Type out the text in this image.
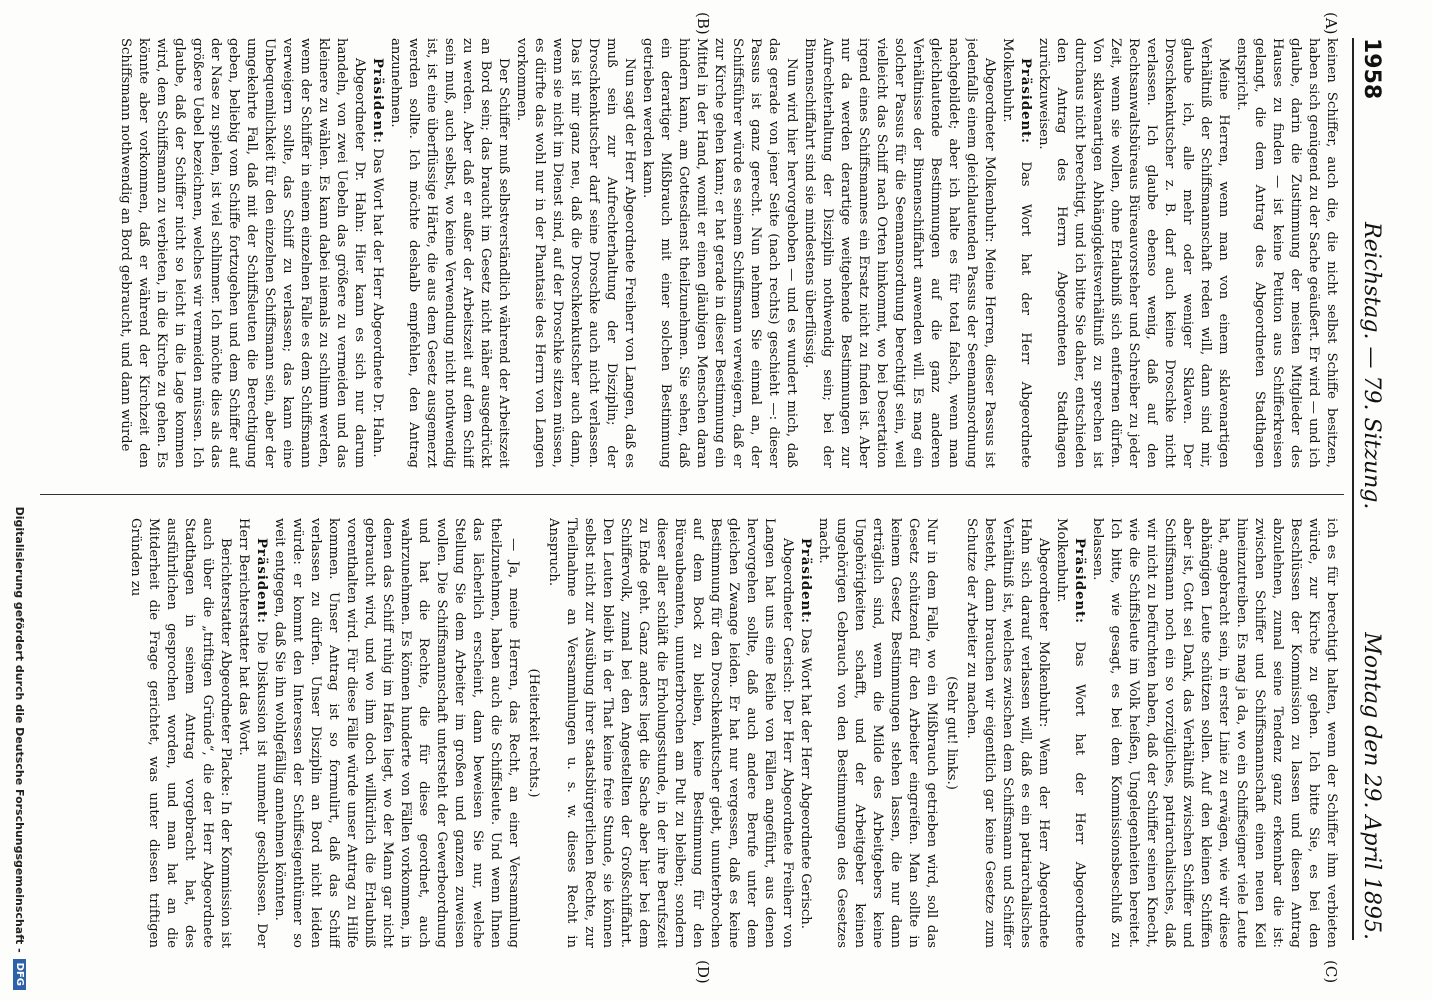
1958
Reichstag. — 79. Sitzung.
Montag den 29. April 1895.
(A)
(B)
(C)
(D)

keinen Schiffer, auch die, die nicht selbst Schiffe besitzen, haben sich genügend zu der Sache geäußert. Er wird — und ich glaube, darin die Zustimmung der meisten Mitglieder des Hauses zu finden — ist keine Petition aus Schifferkreisen gelangt, die dem Antrag des Abgeordneten Stadthagen entspricht.

Meine Herren, wenn man von einem sklavenartigen Verhältniß der Schiffsmannschaft reden will, dann sind mir, glaube ich, alle mehr oder weniger Sklaven. Der Droschkenkutscher z. B. darf auch keine Droschke nicht verlassen. Ich glaube ebenso wenig, daß auf den Rechtsanwaltsbüreaus Büreauvorsteher und Schreiber zu jeder Zeit, wenn sie wollen, ohne Erlaubniß sich entfernen dürfen. Von sklavenartigen Abhängigkeitsverhältniß zu sprechen ist durchaus nicht berechtigt, und ich bitte Sie daher, entschieden den Antrag des Herrn Abgeordneten Stadthagen zurückzuweisen.

Präsident: Das Wort hat der Herr Abgeordnete Molkenbuhr.

Abgeordneter Molkenbuhr: Meine Herren, dieser Passus ist jedenfalls einem gleichlautenden Passus der Seemannsordnung nachgebildet; aber ich halte es für total falsch, wenn man gleichlautende Bestimmungen auf die ganz anderen Verhältnisse der Binnenschiffahrt anwenden will. Es mag ein solcher Passus für die Seemannsordnung berechtigt sein, weil vielleicht das Schiff nach Orten hinkommt, wo bei Desertation irgend eines Schiffsmannes ein Ersatz nicht zu finden ist. Aber nur da werden derartige weitgehende Bestimmungen zur Aufrechterhaltung der Disziplin nothwendig sein; bei der Binnenschiffahrt sind sie mindestens überflüssig.

Nun wird hier hervorgehoben — und es wundert mich, daß das gerade von jener Seite (nach rechts) geschieht —: dieser Passus ist ganz gerecht. Nun nehmen Sie einmal an, der Schiffsführer würde es seinem Schiffsmann verweigern, daß er zur Kirche gehen kann; er hat gerade in dieser Bestimmung ein Mittel in der Hand, womit er einen gläubigen Menschen daran hindern kann, am Gottesdienst theilzunehmen. Sie sehen, daß ein derartiger Mißbrauch mit einer solchen Bestimmung getrieben werden kann.

Nun sagt der Herr Abgeordnete Freiherr von Langen, daß es muß sein zur Aufrechterhaltung der Disziplin; der Droschkenkutscher darf seine Droschke auch nicht verlassen. Das ist mir ganz neu, daß die Droschkenkutscher auch dann, wenn sie nicht im Dienst sind, auf der Droschke sitzen müssen, es dürfte das wohl nur in der Phantasie des Herrn von Langen vorkommen.

Der Schiffer muß selbstverständlich während der Arbeitszeit an Bord sein; das braucht im Gesetz nicht näher ausgedrückt zu werden. Aber daß er außer der Arbeitszeit auf dem Schiff sein muß, auch selbst, wo keine Verwendung nicht nothwendig ist, ist eine überflüssige Härte, die aus dem Gesetz ausgemerzt werden sollte. Ich möchte deshalb empfehlen, den Antrag anzunehmen.

Präsident: Das Wort hat der Herr Abgeordnete Dr. Hahn.

Abgeordneter Dr. Hahn: Hier kann es sich nur darum handeln, von zwei Uebeln das größere zu vermeiden und das kleinere zu wählen. Es kann dabei niemals zu schlimm werden, wenn der Schiffer in einem einzelnen Falle es dem Schiffsmann verweigern sollte, das Schiff zu verlassen; das kann eine Unbequemlichkeit für den einzelnen Schiffsmann sein, aber der umgekehrte Fall, daß mit der Schiffsleuten die Berechtigung geben, beliebig vom Schiffe fortzugehen und dem Schiffer auf der Nase zu spielen, ist viel schlimmer. Ich möchte dies als das größere Uebel bezeichnen, welches wir vermeiden müssen. Ich glaube, daß der Schiffer nicht so leicht in die Lage kommen wird, dem Schiffsmann zu verbieten, in die Kirche zu gehen. Es könnte aber vorkommen, daß er während der Kirchzeit den Schiffsmann nothwendig an Bord gebraucht, und dann würde

ich es für berechtigt halten, wenn der Schiffer ihm verbieten würde, zur Kirche zu gehen. Ich bitte Sie, es bei den Beschlüssen der Kommission zu lassen und diesen Antrag abzulehnen, zumal seine Tendenz ganz erkennbar die ist: zwischen Schiffer und Schiffsmannschaft einen neuen Keil hineinzutreiben. Es mag ja da, wo ein Schiffseigner viele Leute hat, angebracht sein, in erster Linie zu erwägen, wie wir diese abhängigen Leute schützen sollen. Auf den kleinen Schiffen aber ist, Gott sei Dank, das Verhältniß zwischen Schiffer und Schiffsmann noch ein so vorzügliches, patriarchalisches, daß wir nicht zu befürchten haben, daß der Schiffer seinen Knecht, wie die Schiffsleute im Volk heißen, Ungelegenheiten bereitet. Ich bitte, wie gesagt, es bei dem Kommissionsbeschluß zu belassen.

Präsident: Das Wort hat der Herr Abgeordnete Molkenbuhr.

Abgeordneter Molkenbuhr: Wenn der Herr Abgeordnete Hahn sich darauf verlassen will, daß es ein patriarchalisches Verhältniß ist, welches zwischen dem Schiffsmann und Schiffer besteht, dann brauchen wir eigentlich gar keine Gesetze zum Schutze der Arbeiter zu machen.

(Sehr gut! links.)

Nur in dem Falle, wo ein Mißbrauch getrieben wird, soll das Gesetz schützend für den Arbeiter eingreifen. Man sollte in keinem Gesetz Bestimmungen stehen lassen, die nur dann erträglich sind, wenn die Milde des Arbeitgebers keine Ungehörigkeiten schafft, und der Arbeitgeber keinen ungehörigen Gebrauch von den Bestimmungen des Gesetzes macht.

Präsident: Das Wort hat der Herr Abgeordnete Gerisch.

Abgeordneter Gerisch: Der Herr Abgeordnete Freiherr von Langen hat uns eine Reihe von Fällen angeführt, aus denen hervorgehen sollte, daß auch andere Berufe unter dem gleichen Zwange leiden. Er hat nur vergessen, daß es keine Bestimmung für den Droschkenkutscher giebt, ununterbrochen auf dem Bock zu bleiben, keine Bestimmung für den Büreaubeamten, ununterbrochen am Pult zu bleiben; sondern dieser aller schläft die Erholungsstunde, in der ihre Berufszeit zu Ende geht. Ganz anders liegt die Sache aber hier bei dem Schiffervolk, zumal bei den Angestellten der Großschiffahrt. Den Leuten bleibt in der That keine freie Stunde, sie können selbst nicht zur Ausübung ihrer staatsbürgerlichen Rechte, zur Theilnahme an Versammlungen u. s. w. dieses Recht in Anspruch.

(Heiterkeit rechts.)

— Ja, meine Herren, das Recht, an einer Versammlung theilzunehmen, haben auch die Schiffsleute. Und wenn Ihnen das lächerlich erscheint, dann beweisen Sie nur, welche Stellung Sie dem Arbeiter im großen und ganzen zuweisen wollen. Die Schiffsmannschaft untersteht der Gewerbeordnung und hat die Rechte, die für diese geordnet, auch wahrzunehmen. Es können hunderte von Fällen vorkommen, in denen das Schiff ruhig im Hafen liegt, wo der Mann gar nicht gebraucht wird, und wo ihm doch willkürlich die Erlaubniß vorenthalten wird. Für diese Fälle würde unser Antrag zu Hilfe kommen. Unser Antrag ist so formulirt, daß das Schiff verlassen zu dürfen. Unser Disziplin an Bord nicht leiden würde: er kommt den Interessen der Schiffseigenthümer so weit entgegen, daß Sie ihn wohlgefällig annehmen könnten.

Präsident: Die Diskussion ist nunmehr geschlossen. Der Herr Berichterstatter hat das Wort.

Berichterstatter Abgeordneter Placke: In der Kommission ist auch über die „triftigen Gründe“, die der Herr Abgeordnete Stadthagen in seinem Antrag vorgebracht hat, des ausführlichen gesprochen worden, und man hat an die Mitderheit die Frage gerichtet, was unter diesen triftigen Gründen zu

Digitalisierung gefördert durch die Deutsche Forschungsgemeinschaft -
DFG
